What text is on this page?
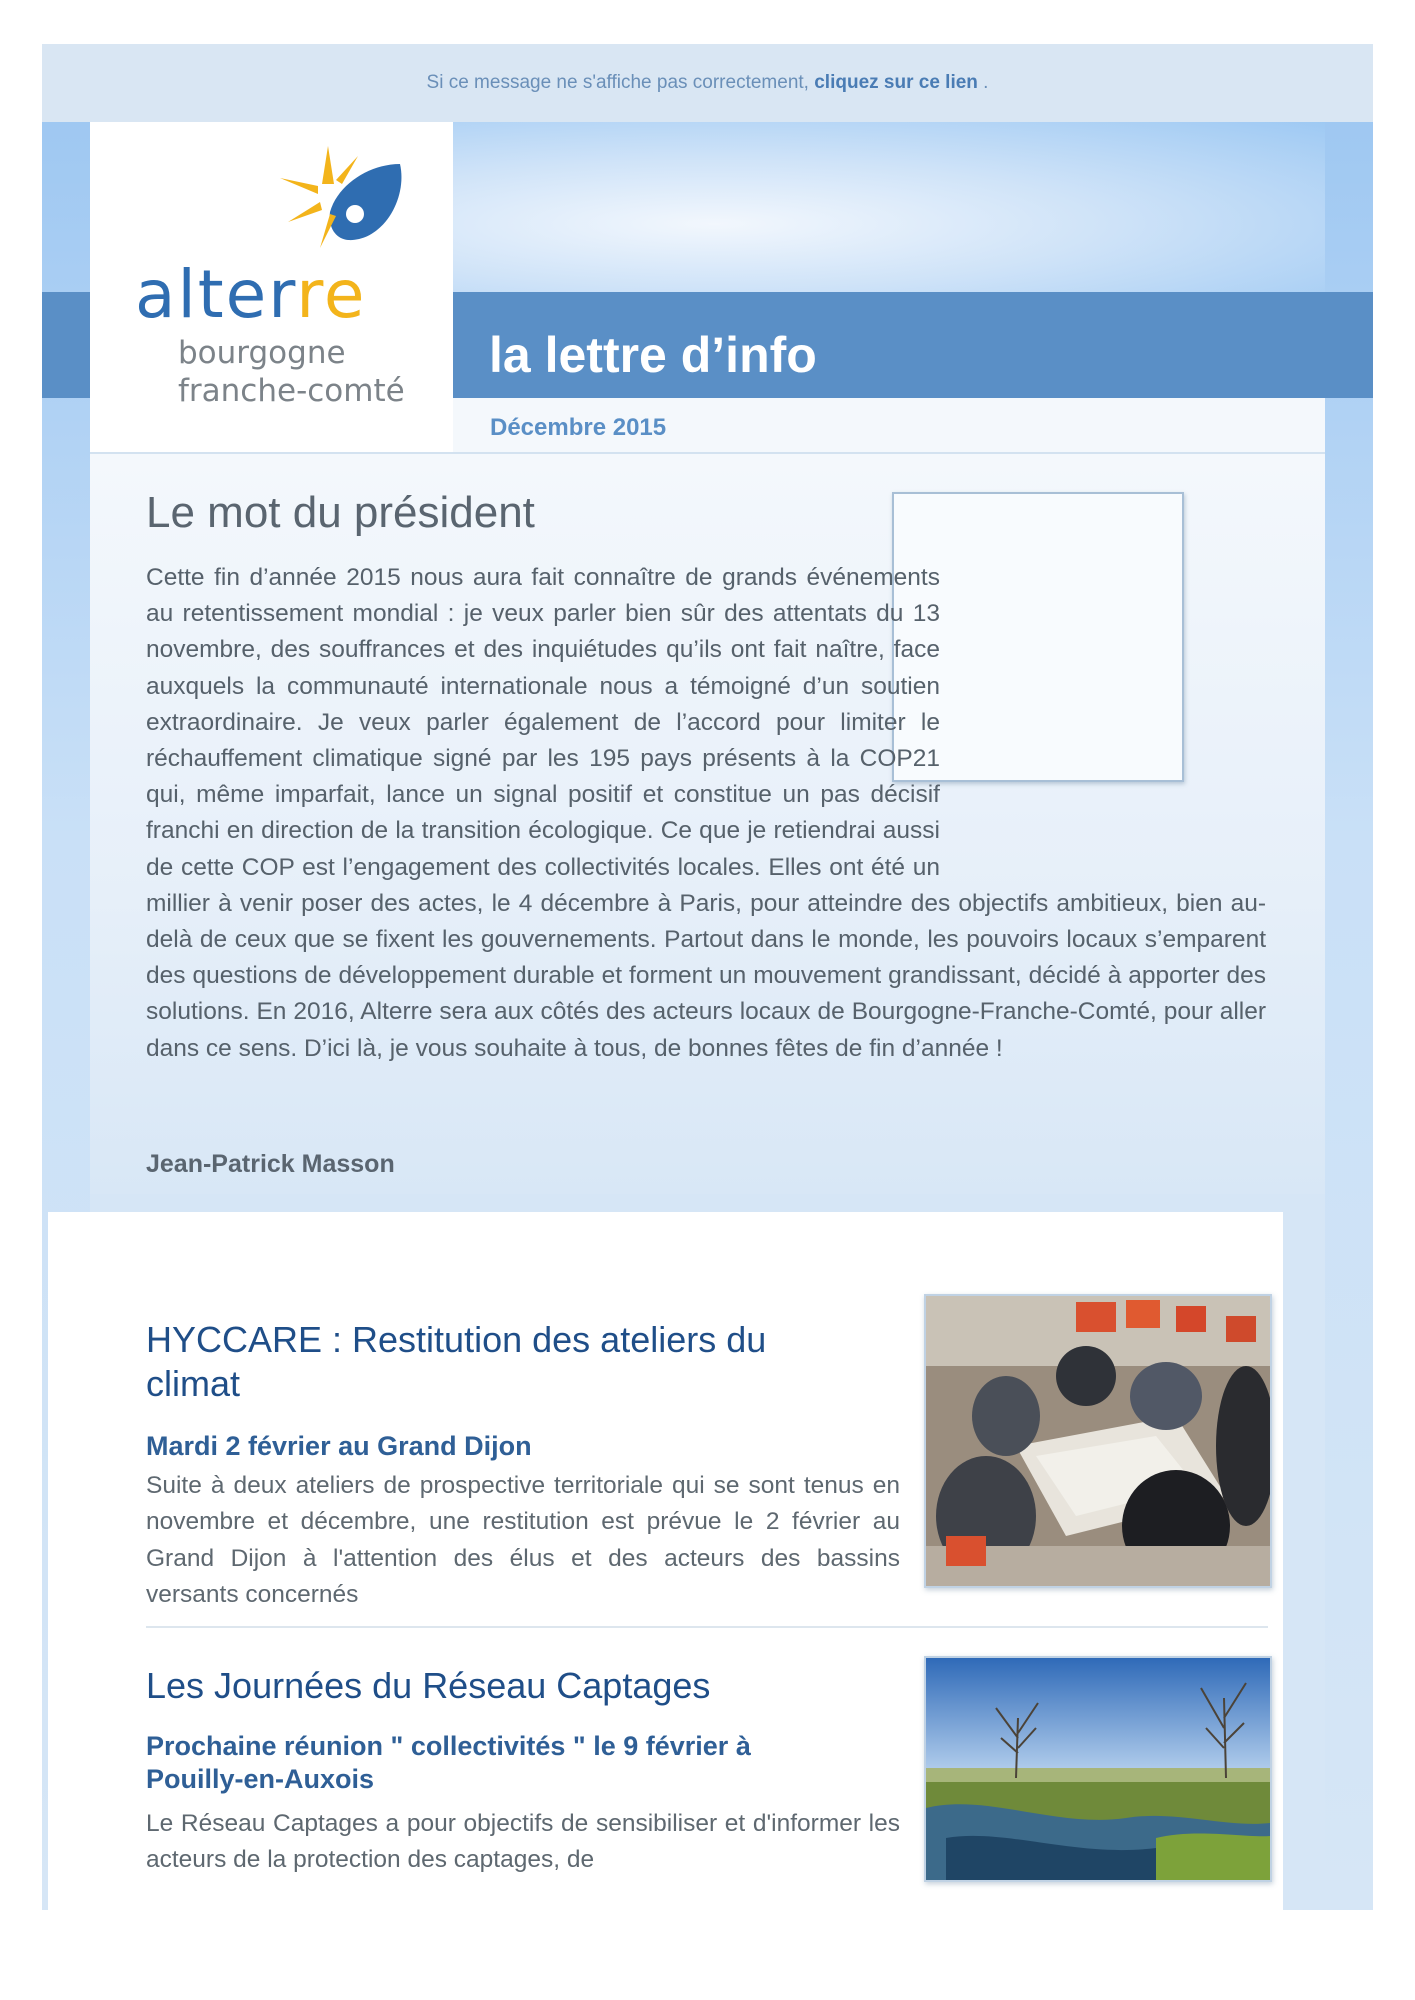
Si ce message ne s'affiche pas correctement, cliquez sur ce lien .
alterre
bourgogne
franche-comté
la lettre d’info
Décembre 2015
Le mot du président

Cette fin d’année 2015 nous aura fait connaître de grands événements au retentissement mondial : je veux parler bien sûr des attentats du 13 novembre, des souffrances et des inquiétudes qu’ils ont fait naître, face auxquels la communauté internationale nous a témoigné d’un soutien extraordinaire. Je veux parler également de l’accord pour limiter le réchauffement climatique signé par les 195 pays présents à la COP21 qui, même imparfait, lance un signal positif et constitue un pas décisif franchi en direction de la transition écologique. Ce que je retiendrai aussi de cette COP est l’engagement des collectivités locales. Elles ont été un millier à venir poser des actes, le 4 décembre à Paris, pour atteindre des objectifs ambitieux, bien au-delà de ceux que se fixent les gouvernements. Partout dans le monde, les pouvoirs locaux s’emparent des questions de développement durable et forment un mouvement grandissant, décidé à apporter des solutions. En 2016, Alterre sera aux côtés des acteurs locaux de Bourgogne-Franche-Comté, pour aller dans ce sens. D’ici là, je vous souhaite à tous, de bonnes fêtes de fin d’année !

Jean-Patrick Masson
HYCCARE : Restitution des ateliers du climat
Mardi 2 février au Grand Dijon

Suite à deux ateliers de prospective territoriale qui se sont tenus en novembre et décembre, une restitution est prévue le 2 février au Grand Dijon à l'attention des élus et des acteurs des bassins versants concernés

Les Journées du Réseau Captages
Prochaine réunion " collectivités " le 9 février à Pouilly-en-Auxois

Le Réseau Captages a pour objectifs de sensibiliser et d'informer les acteurs de la protection des captages, de
